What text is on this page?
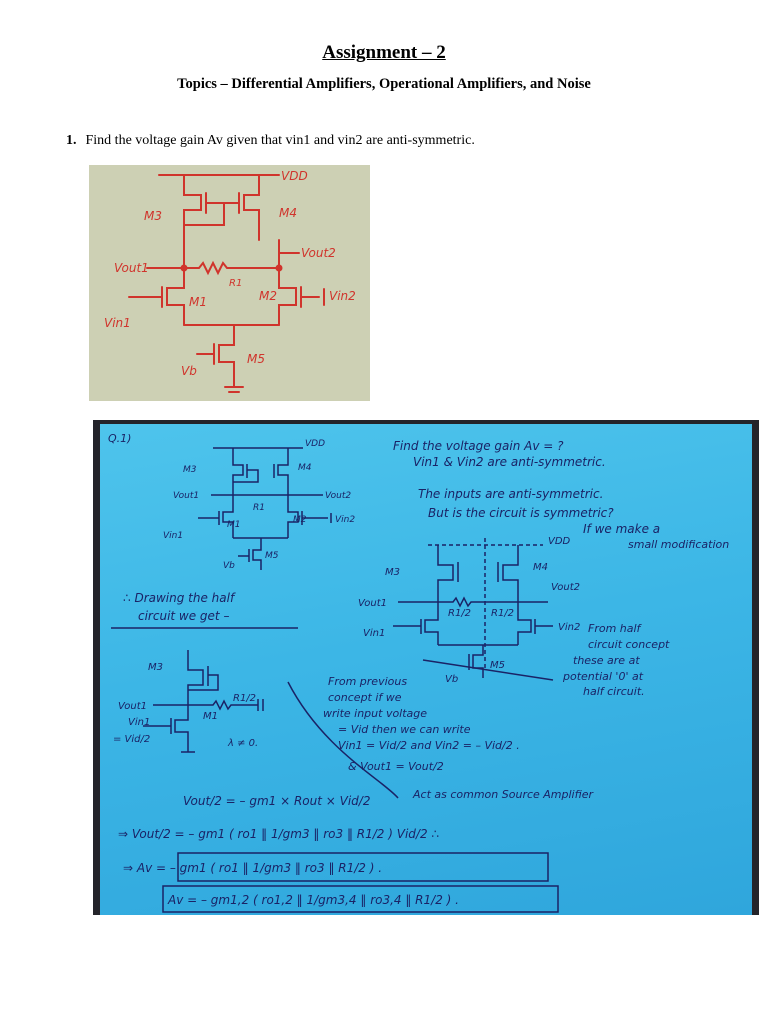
Assignment – 2
Topics – Differential Amplifiers, Operational Amplifiers, and Noise
1. Find the voltage gain Av given that vin1 and vin2 are anti-symmetric.
VDD
M3	M4
Vout1
Vout2
R1
M1	M2
Vin1
Vin2
M5
Vb
Q.1)
Find the voltage gain Av = ?
Vin1 & Vin2 are anti-symmetric.
The inputs are anti-symmetric.
But is the circuit is symmetric?
If we make a
small modification
VDD
M3	M4
Vout1	Vout2
R1
M1	M2
Vin1
Vin2
M5
Vb
VDD
M3	M4
Vout1
Vout2
R1/2 R1/2
Vin1
Vin2
M5
Vb
∴ Drawing the half
circuit we get –
From half
circuit concept
these are at
potential '0' at
half circuit.
M3
Vout1
R1/2
M1
Vin1
= Vid/2	λ ≠ 0.
From previous
concept if we
write input voltage
= Vid then we can write
Vin1 = Vid/2 and Vin2 = – Vid/2 .
& Vout1 = Vout/2
Vout/2 = – gm1 × Rout × Vid/2	Act as common Source Amplifier
⇒ Vout/2 = – gm1 ( ro1 ‖ 1/gm3 ‖ ro3 ‖ R1/2 ) Vid/2 ∴
⇒ Av = – gm1 ( ro1 ‖ 1/gm3 ‖ ro3 ‖ R1/2 ) .
Av = – gm1,2 ( ro1,2 ‖ 1/gm3,4 ‖ ro3,4 ‖ R1/2 ) .
